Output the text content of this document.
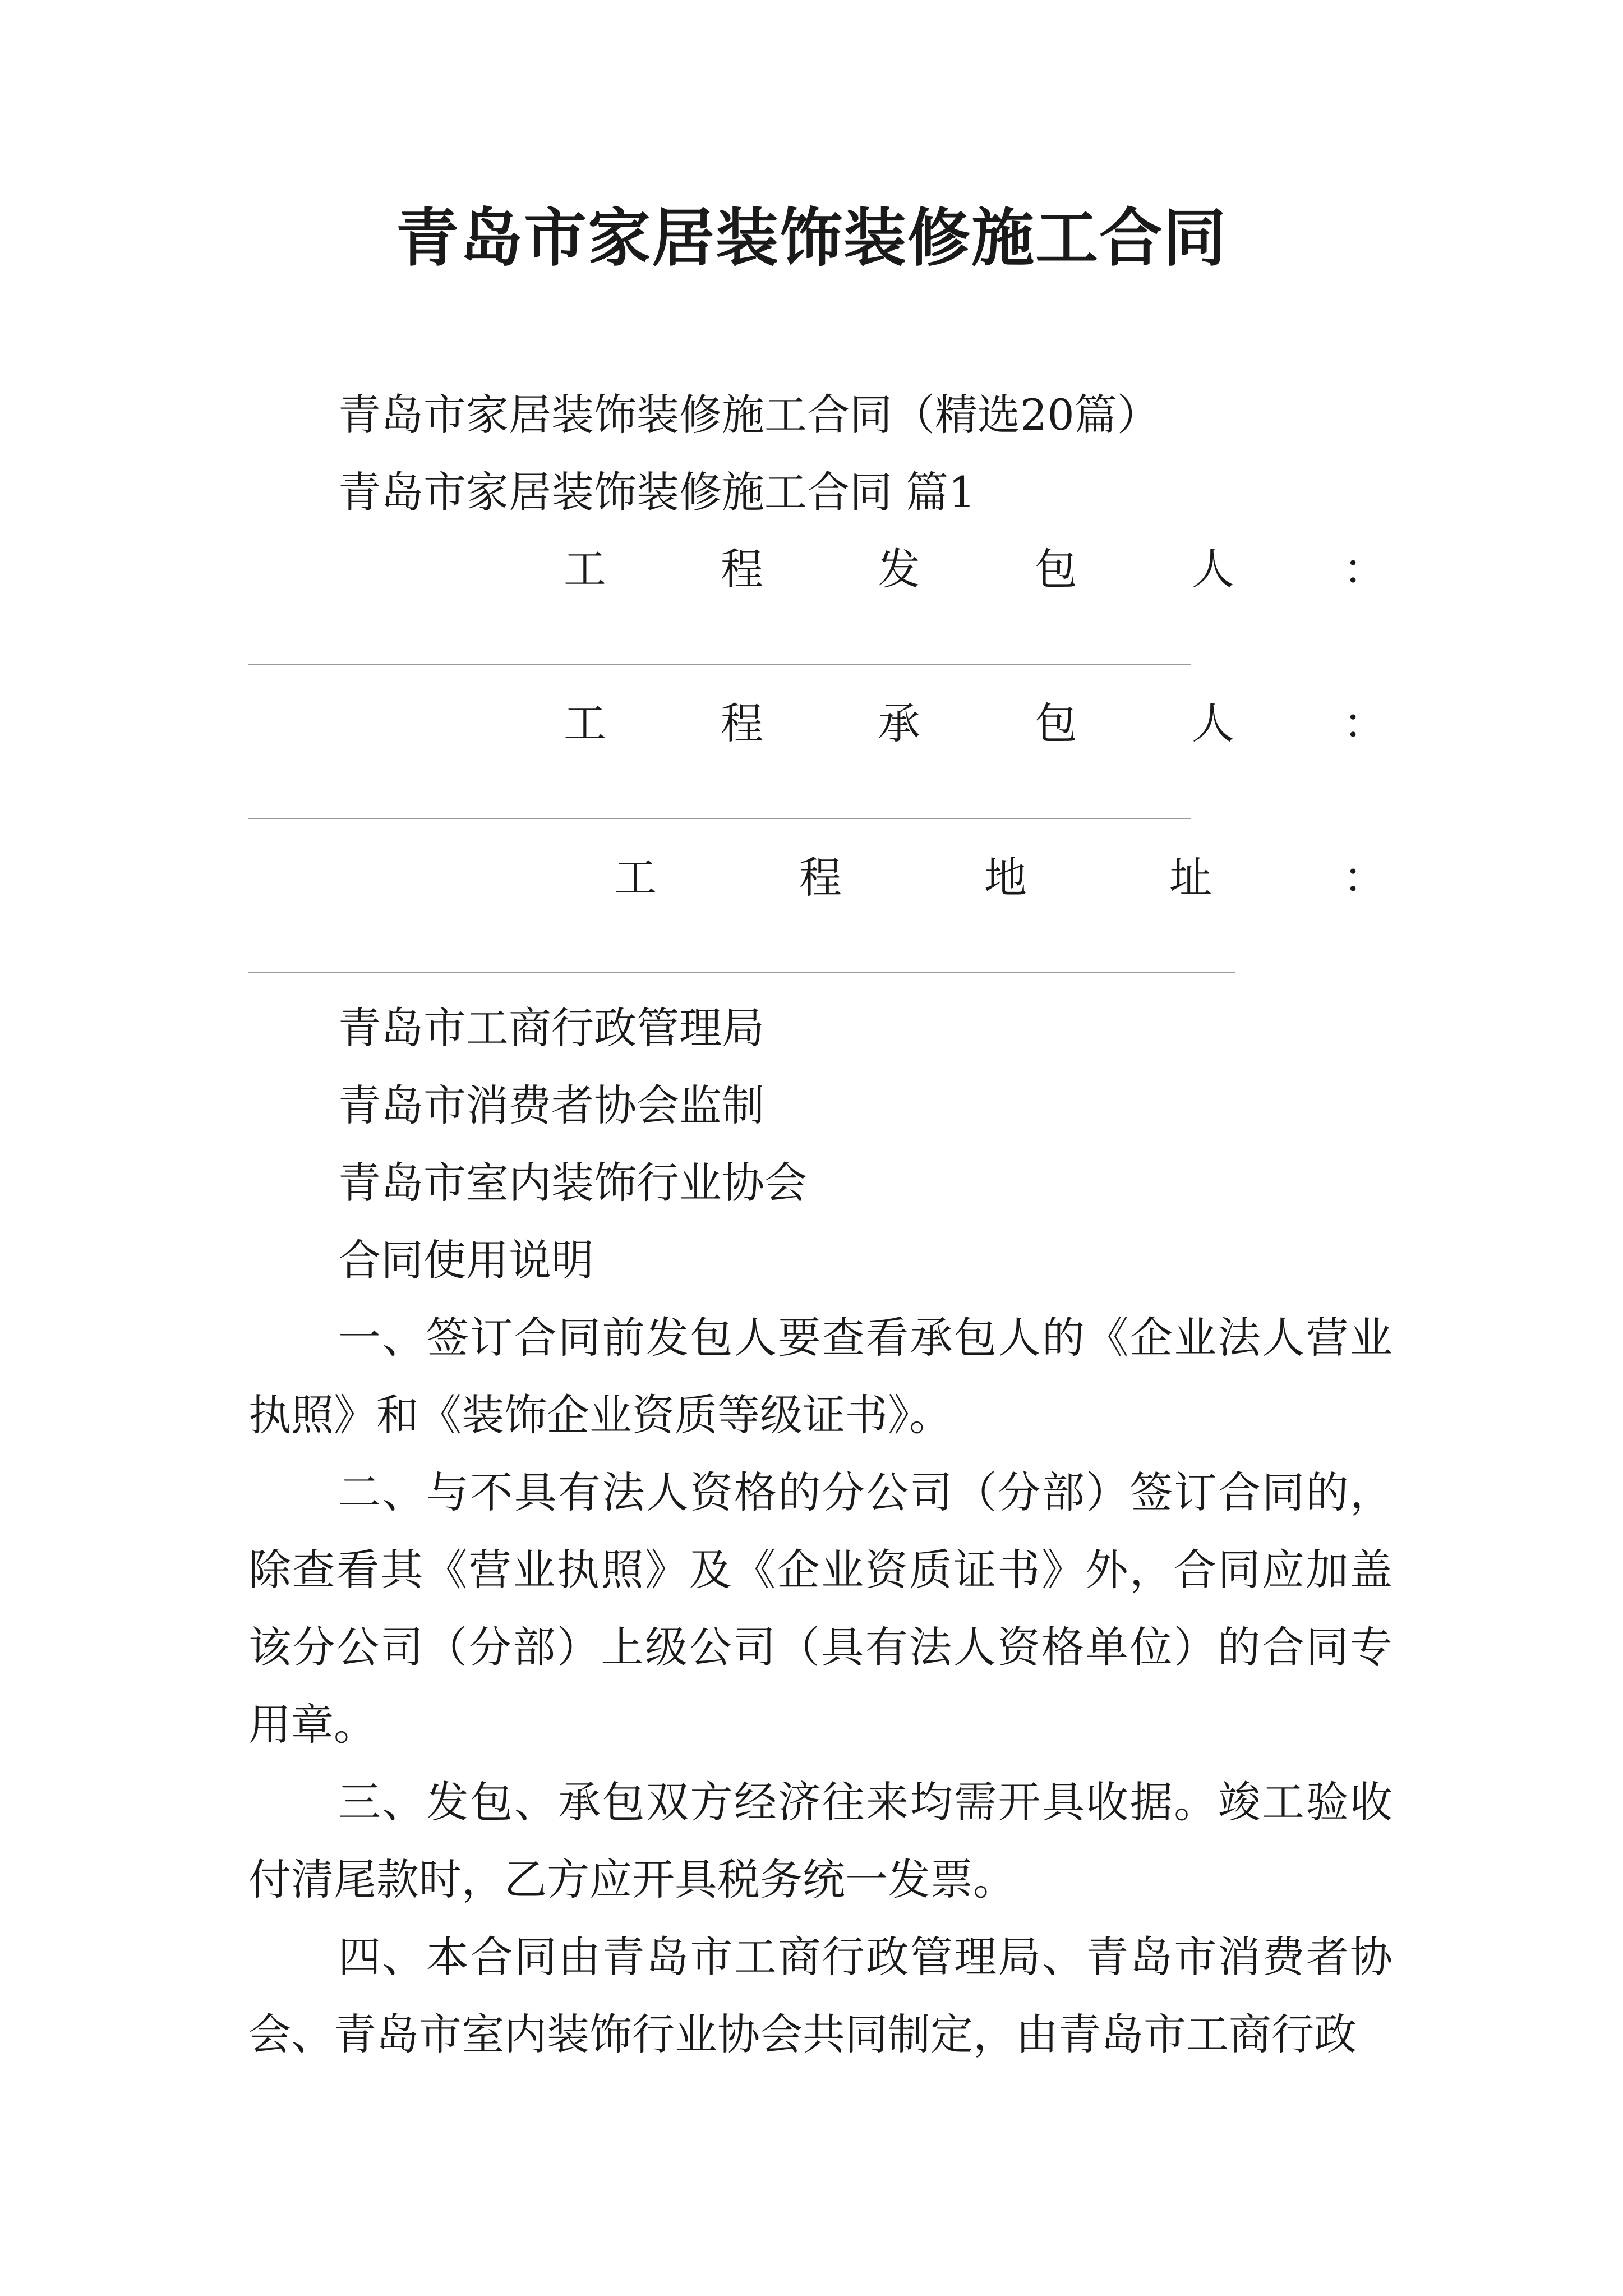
青岛市家居装饰装修施工合同
青岛市家居装饰装修施工合同（精选20篇）
青岛市家居装饰装修施工合同 篇1
工	程	发	包	人	：
工	程	承	包	人	：
工	程	地	址	：
青岛市工商行政管理局
青岛市消费者协会监制
青岛市室内装饰行业协会
合同使用说明
一、签订合同前发包人要查看承包人的《企业法人营业执照》和《装饰企业资质等级证书》。
二、与不具有法人资格的分公司（分部）签订合同的，除查看其《营业执照》及《企业资质证书》外，合同应加盖该分公司（分部）上级公司（具有法人资格单位）的合同专用章。
三、发包、承包双方经济往来均需开具收据。竣工验收付清尾款时，乙方应开具税务统一发票。
四、本合同由青岛市工商行政管理局、青岛市消费者协会、青岛市室内装饰行业协会共同制定，由青岛市工商行政
